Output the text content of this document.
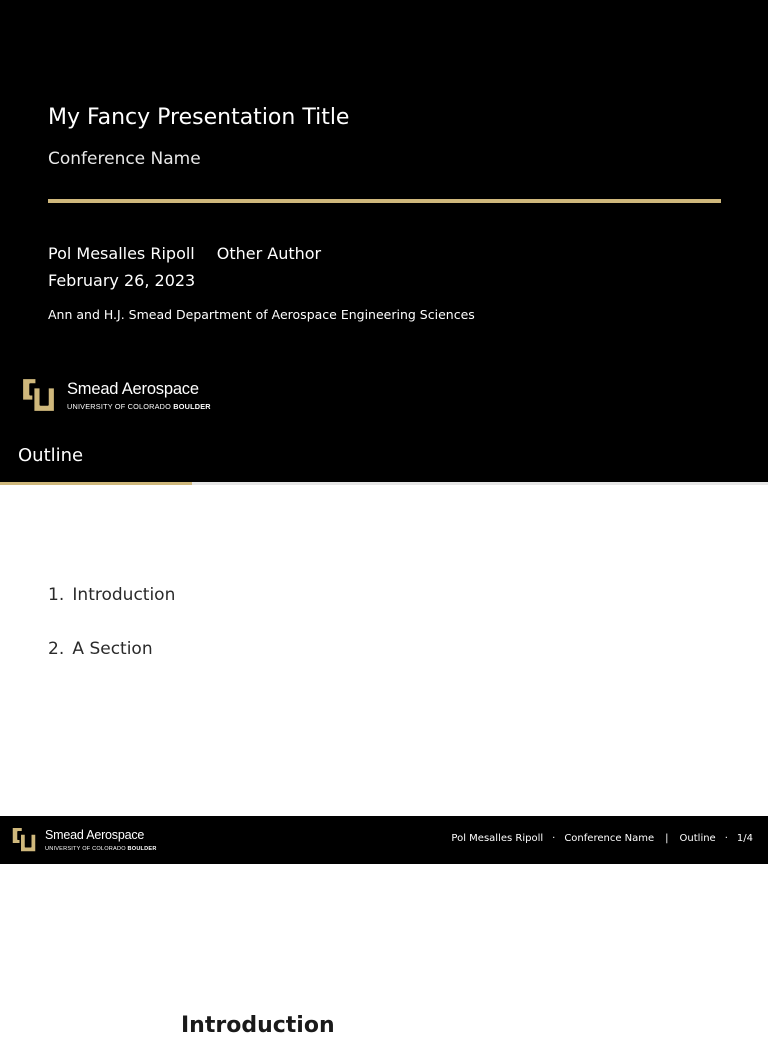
My Fancy Presentation Title
Conference Name
Pol Mesalles Ripoll Other Author
February 26, 2023
Ann and H.J. Smead Department of Aerospace Engineering Sciences
Smead Aerospace
UNIVERSITY OF COLORADO BOULDER
Outline
1. Introduction
2. A Section
Smead Aerospace
UNIVERSITY OF COLORADO BOULDER
Pol Mesalles Ripoll · Conference Name | Outline · 1/4
Introduction
